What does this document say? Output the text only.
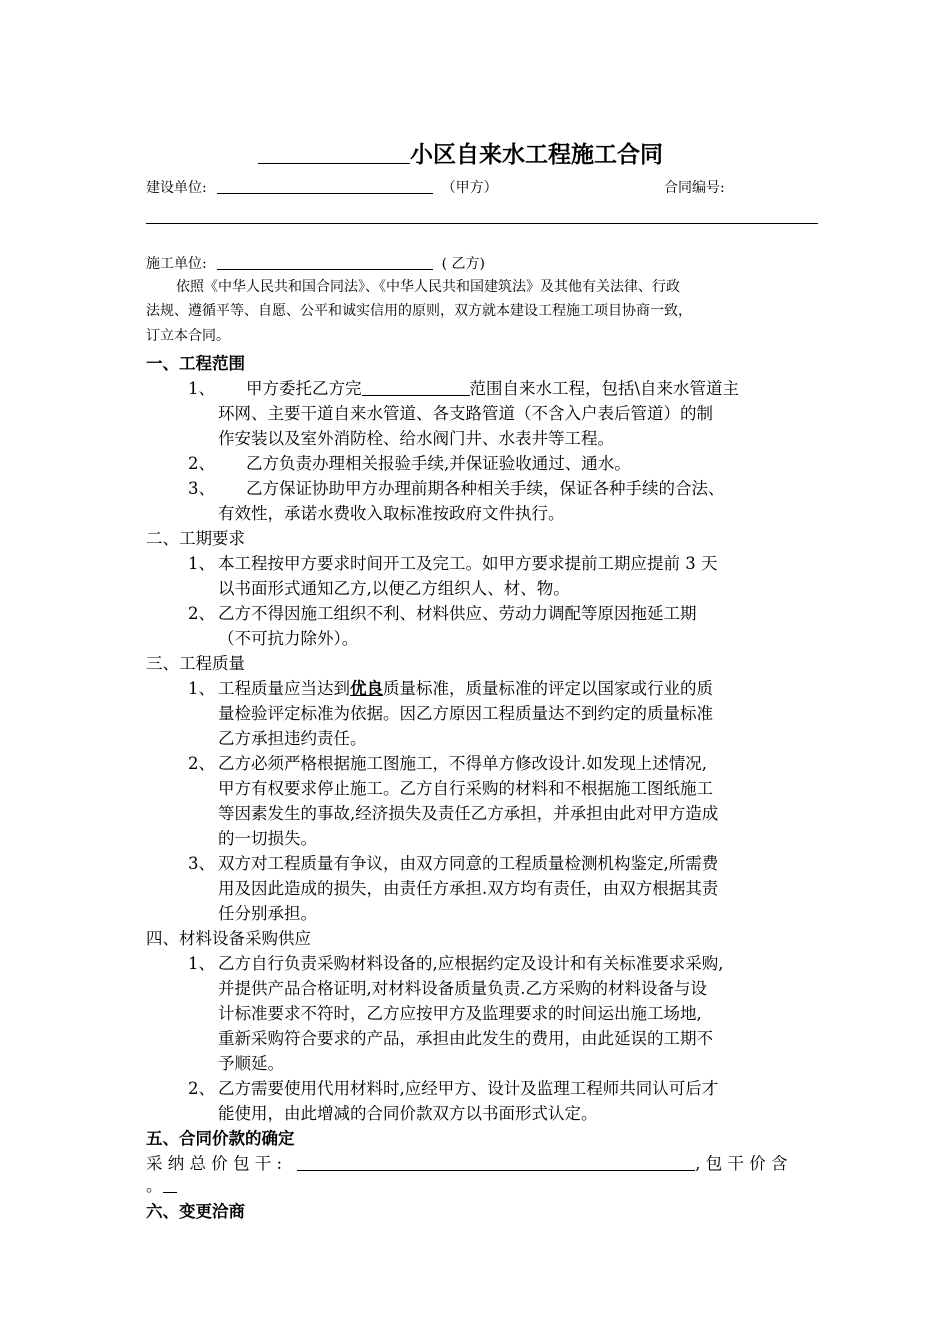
小区自来水工程施工合同
建设单位:	（甲方）	合同编号:
施工单位:	( 乙方)
依照《中华人民共和国合同法》、《中华人民共和国建筑法》及其他有关法律、行政
法规、遵循平等、自愿、公平和诚实信用的原则，双方就本建设工程施工项目协商一致，
订立本合同。
一、工程范围
1、 甲方委托乙方完	范围自来水工程，包括\自来水管道主
环网、主要干道自来水管道、各支路管道（不含入户表后管道）的制
作安装以及室外消防栓、给水阀门井、水表井等工程。
2、 乙方负责办理相关报验手续,并保证验收通过、通水。
3、 乙方保证协助甲方办理前期各种相关手续，保证各种手续的合法、
有效性，承诺水费收入取标准按政府文件执行。
二、工期要求
1、 本工程按甲方要求时间开工及完工。如甲方要求提前工期应提前 3 天
以书面形式通知乙方,以便乙方组织人、材、物。
2、 乙方不得因施工组织不利、材料供应、劳动力调配等原因拖延工期
（不可抗力除外）。
三、工程质量
1、 工程质量应当达到优良质量标准，质量标准的评定以国家或行业的质
量检验评定标准为依据。因乙方原因工程质量达不到约定的质量标准
乙方承担违约责任。
2、 乙方必须严格根据施工图施工，不得单方修改设计.如发现上述情况,
甲方有权要求停止施工。乙方自行采购的材料和不根据施工图纸施工
等因素发生的事故,经济损失及责任乙方承担，并承担由此对甲方造成
的一切损失。
3、 双方对工程质量有争议，由双方同意的工程质量检测机构鉴定,所需费
用及因此造成的损失，由责任方承担.双方均有责任，由双方根据其责
任分别承担。
四、材料设备采购供应
1、 乙方自行负责采购材料设备的,应根据约定及设计和有关标准要求采购,
并提供产品合格证明,对材料设备质量负责.乙方采购的材料设备与设
计标准要求不符时，乙方应按甲方及监理要求的时间运出施工场地,
重新采购符合要求的产品，承担由此发生的费用，由此延误的工期不
予顺延。
2、 乙方需要使用代用材料时,应经甲方、设计及监理工程师共同认可后才
能使用，由此增减的合同价款双方以书面形式认定。
五、合同价款的确定
采 纳 总 价 包 干 :	, 包 干 价 含
。
六、变更洽商
